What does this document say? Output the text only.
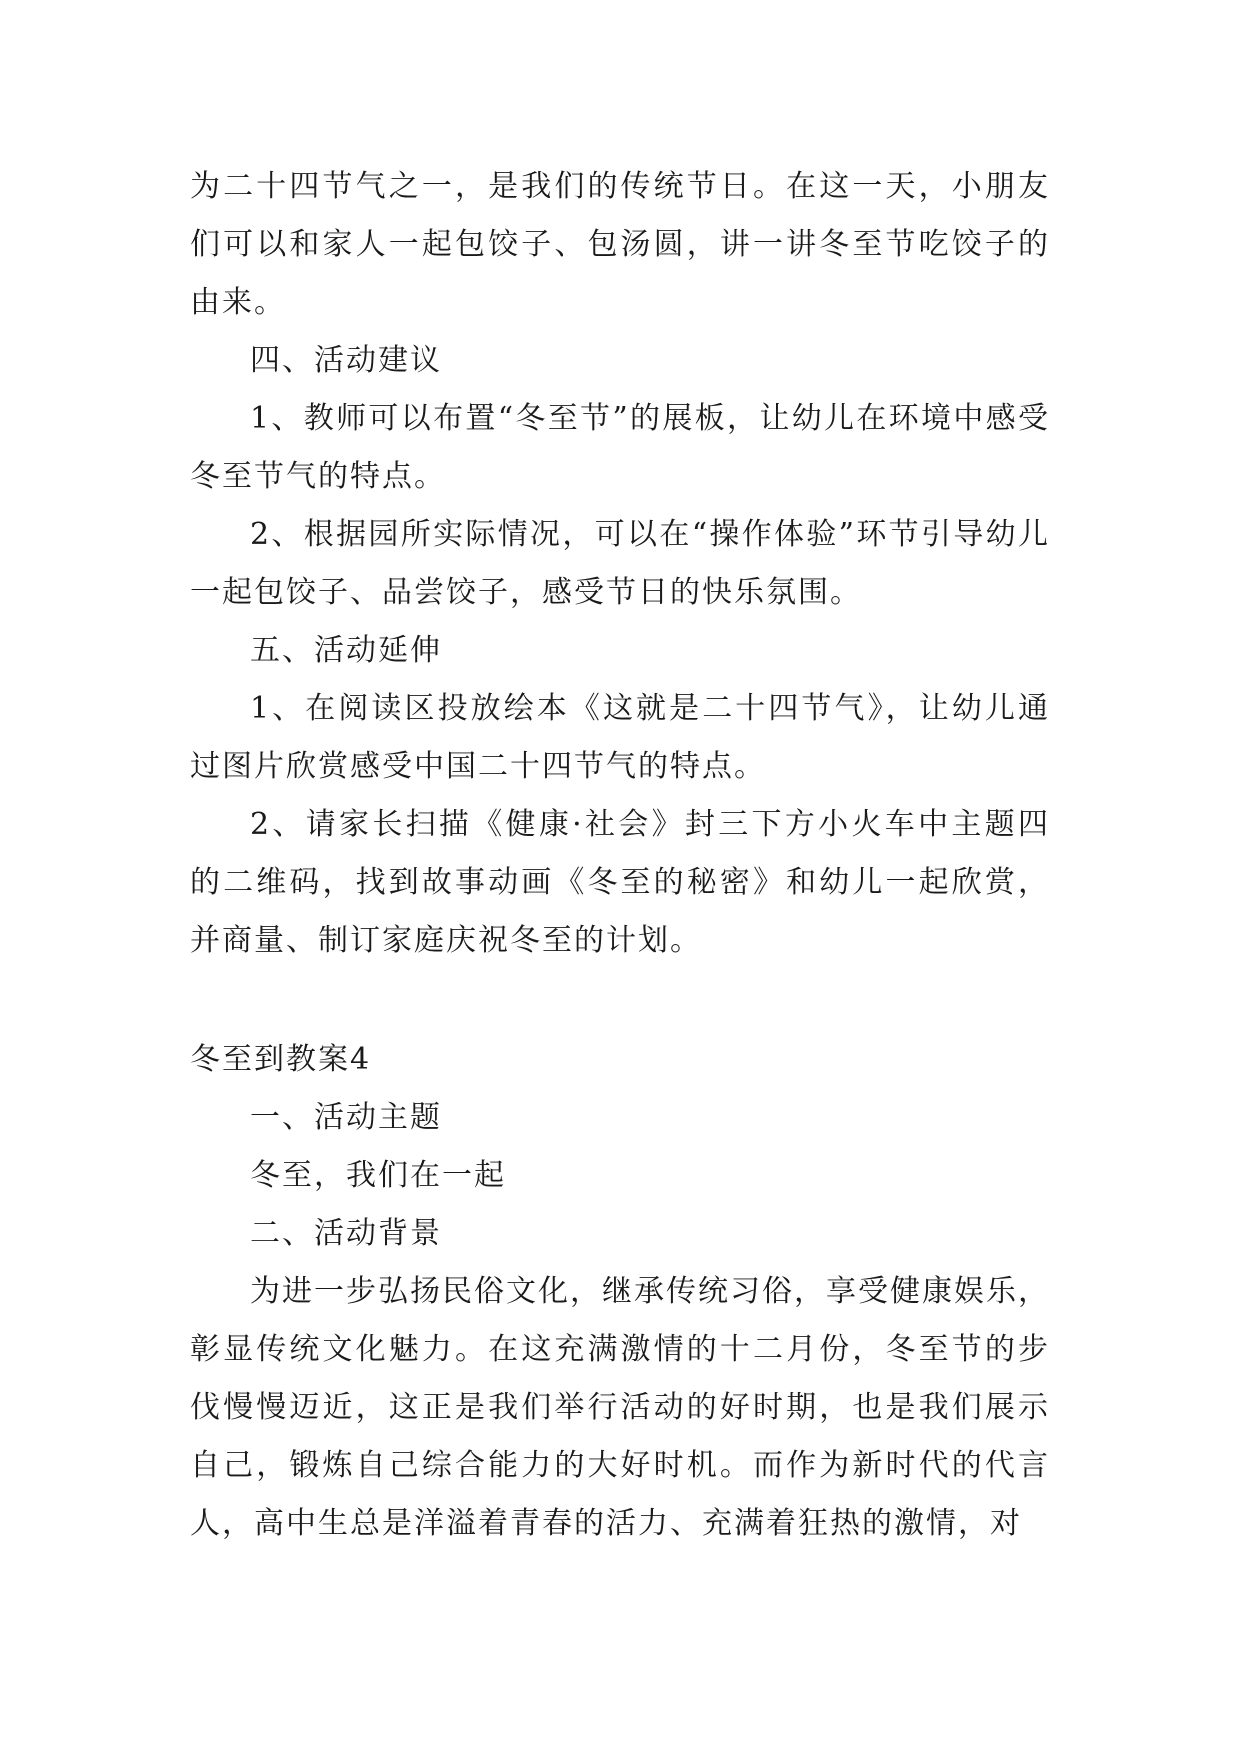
为二十四节气之一，是我们的传统节日。在这一天，小朋友们可以和家人一起包饺子、包汤圆，讲一讲冬至节吃饺子的由来。

四、活动建议

1、教师可以布置“冬至节”的展板，让幼儿在环境中感受冬至节气的特点。

2、根据园所实际情况，可以在“操作体验”环节引导幼儿一起包饺子、品尝饺子，感受节日的快乐氛围。

五、活动延伸

1、在阅读区投放绘本《这就是二十四节气》，让幼儿通过图片欣赏感受中国二十四节气的特点。

2、请家长扫描《健康·社会》封三下方小火车中主题四的二维码，找到故事动画《冬至的秘密》和幼儿一起欣赏，并商量、制订家庭庆祝冬至的计划。

冬至到教案4

一、活动主题

冬至，我们在一起

二、活动背景

为进一步弘扬民俗文化，继承传统习俗，享受健康娱乐，彰显传统文化魅力。在这充满激情的十二月份，冬至节的步伐慢慢迈近，这正是我们举行活动的好时期，也是我们展示自己，锻炼自己综合能力的大好时机。而作为新时代的代言人，高中生总是洋溢着青春的活力、充满着狂热的激情，对
